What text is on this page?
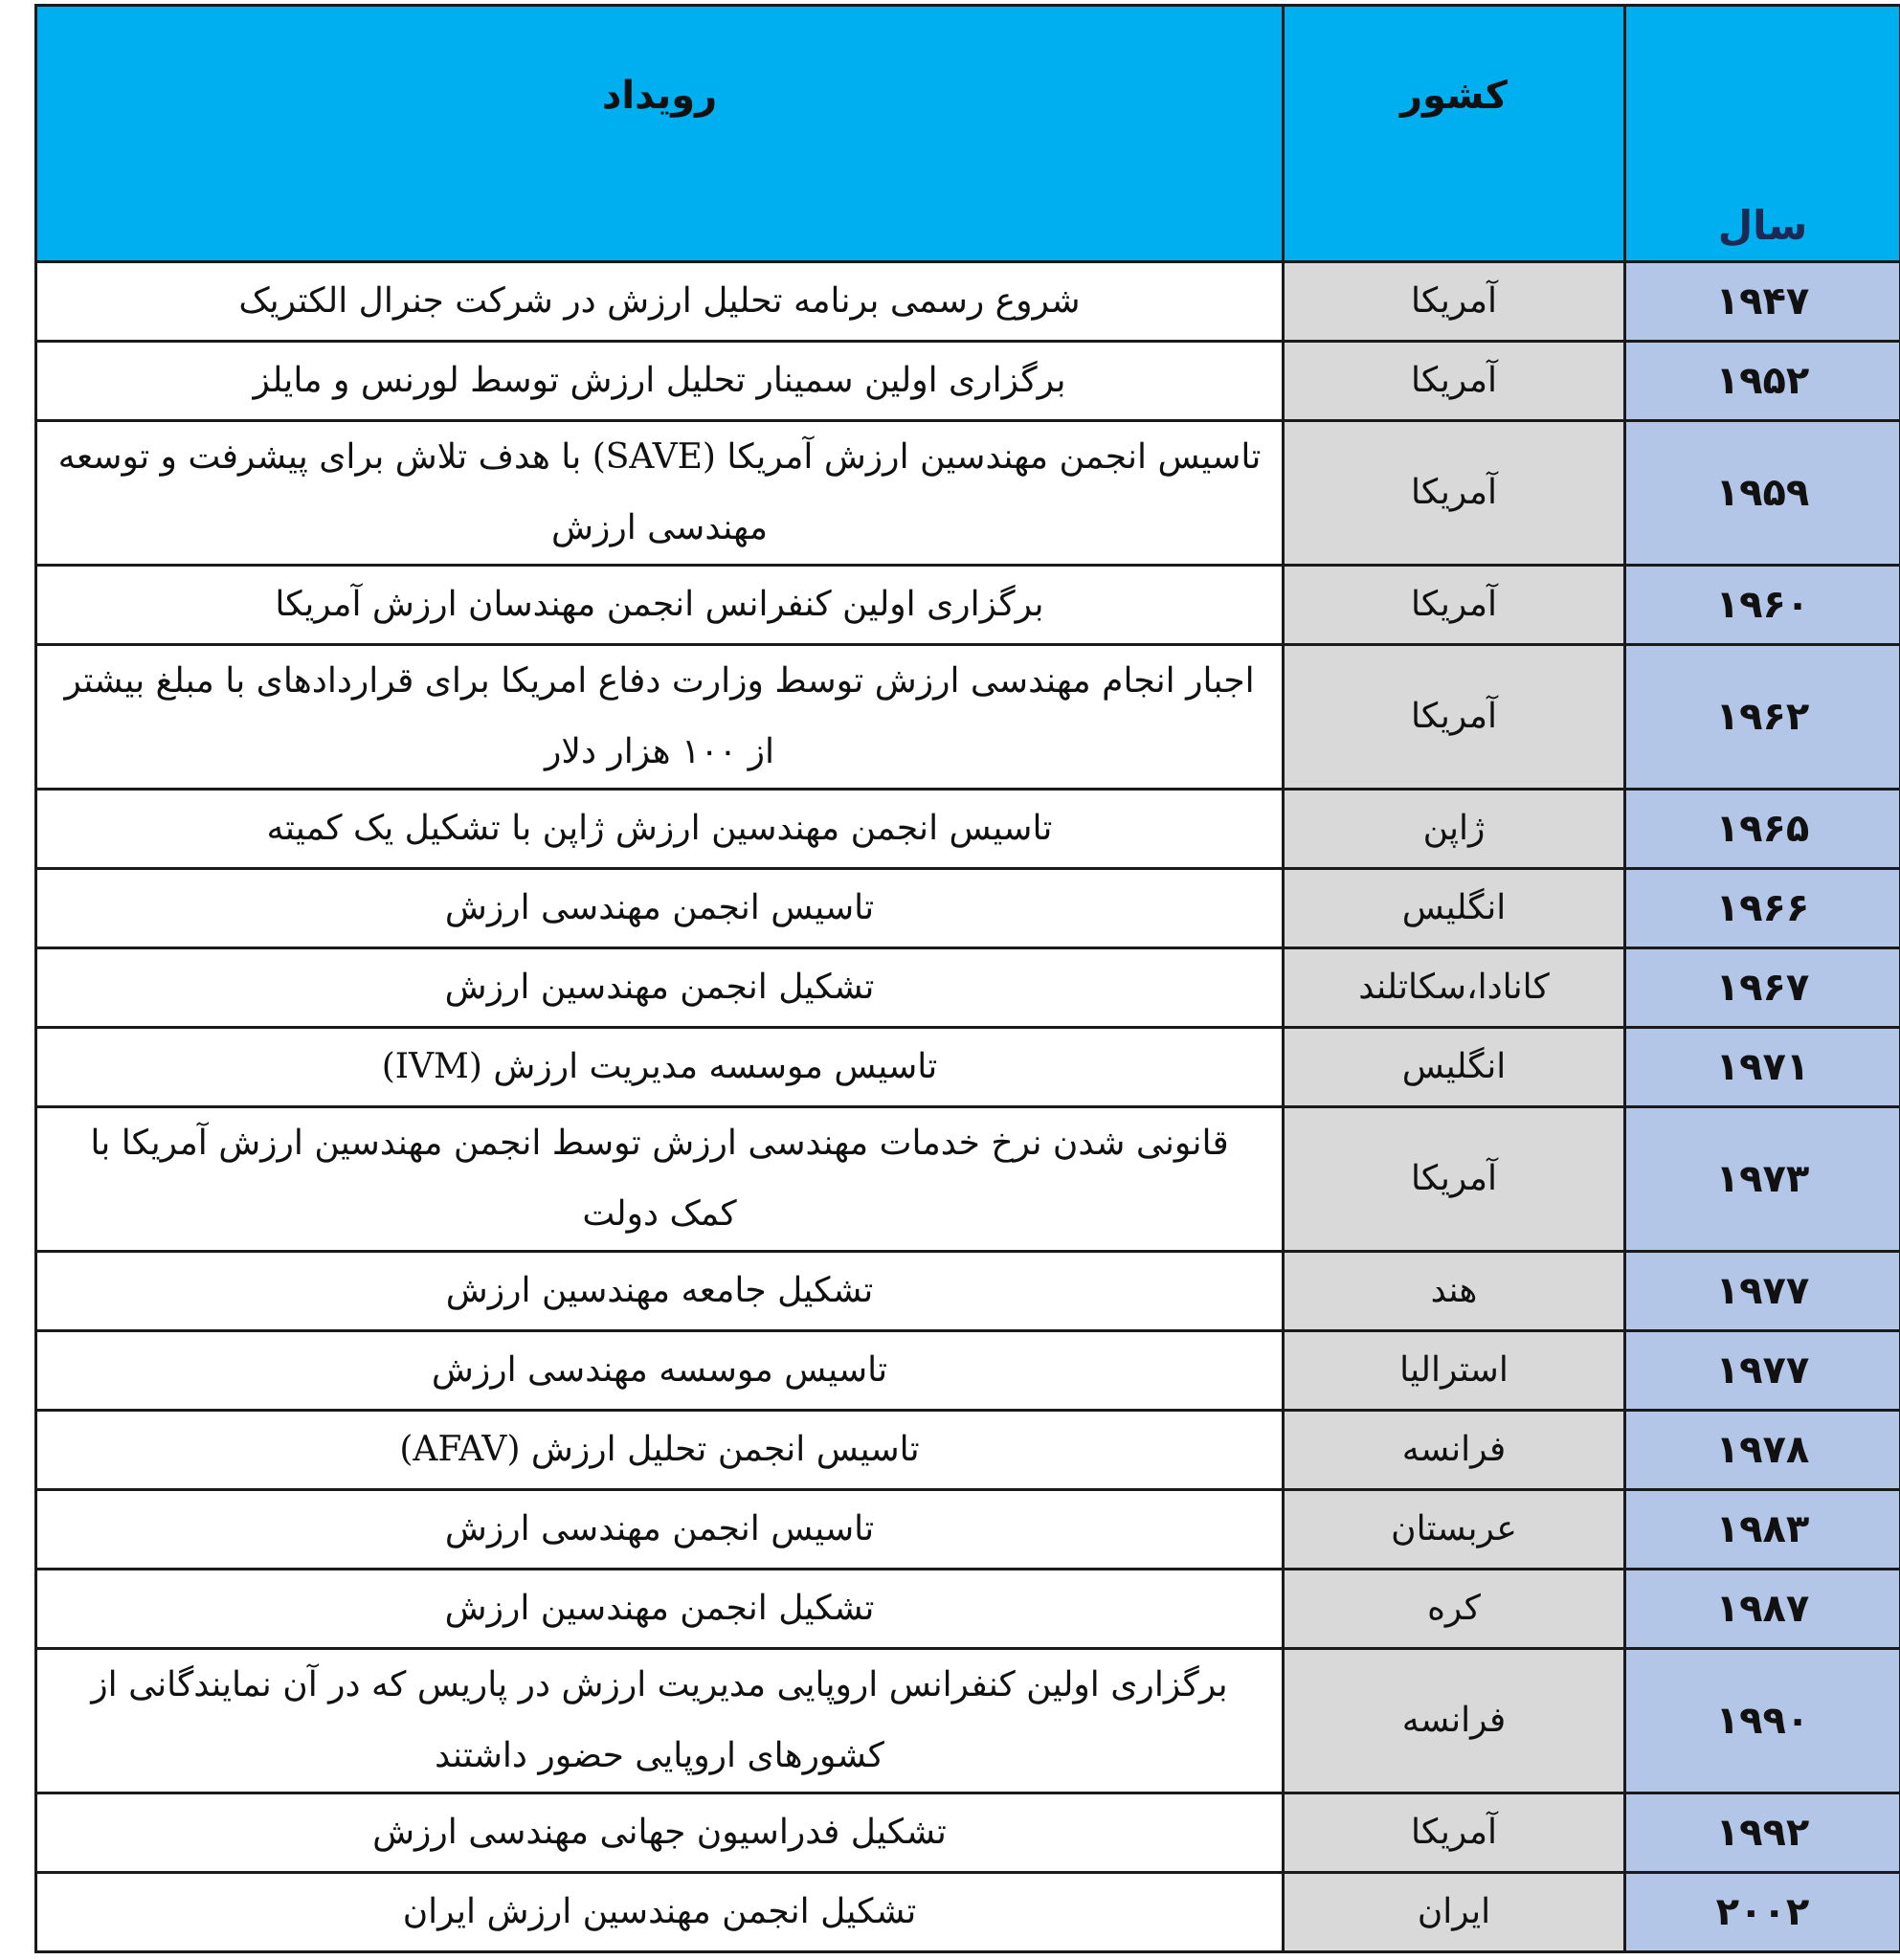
رویداد	کشور	سال
شروع رسمی برنامه تحلیل ارزش در شرکت جنرال الکتریک	آمریکا	۱۹۴۷
برگزاری اولین سمینار تحلیل ارزش توسط لورنس و مایلز	آمریکا	۱۹۵۲
تاسیس انجمن مهندسین ارزش آمریکا (SAVE) با هدف تلاش برای پیشرفت و توسعه مهندسی ارزش	آمریکا	۱۹۵۹
برگزاری اولین کنفرانس انجمن مهندسان ارزش آمریکا	آمریکا	۱۹۶۰
اجبار انجام مهندسی ارزش توسط وزارت دفاع امریکا برای قراردادهای با مبلغ بیشتر از ۱۰۰ هزار دلار	آمریکا	۱۹۶۲
تاسیس انجمن مهندسین ارزش ژاپن با تشکیل یک کمیته	ژاپن	۱۹۶۵
تاسیس انجمن مهندسی ارزش	انگلیس	۱۹۶۶
تشکیل انجمن مهندسین ارزش	کانادا،سکاتلند	۱۹۶۷
تاسیس موسسه مدیریت ارزش (IVM)	انگلیس	۱۹۷۱
قانونی شدن نرخ خدمات مهندسی ارزش توسط انجمن مهندسین ارزش آمریکا با کمک دولت	آمریکا	۱۹۷۳
تشکیل جامعه مهندسین ارزش	هند	۱۹۷۷
تاسیس موسسه مهندسی ارزش	استرالیا	۱۹۷۷
تاسیس انجمن تحلیل ارزش (AFAV)	فرانسه	۱۹۷۸
تاسیس انجمن مهندسی ارزش	عربستان	۱۹۸۳
تشکیل انجمن مهندسین ارزش	کره	۱۹۸۷
برگزاری اولین کنفرانس اروپایی مدیریت ارزش در پاریس که در آن نمایندگانی از کشورهای اروپایی حضور داشتند	فرانسه	۱۹۹۰
تشکیل فدراسیون جهانی مهندسی ارزش	آمریکا	۱۹۹۲
تشکیل انجمن مهندسین ارزش ایران	ایران	۲۰۰۲
